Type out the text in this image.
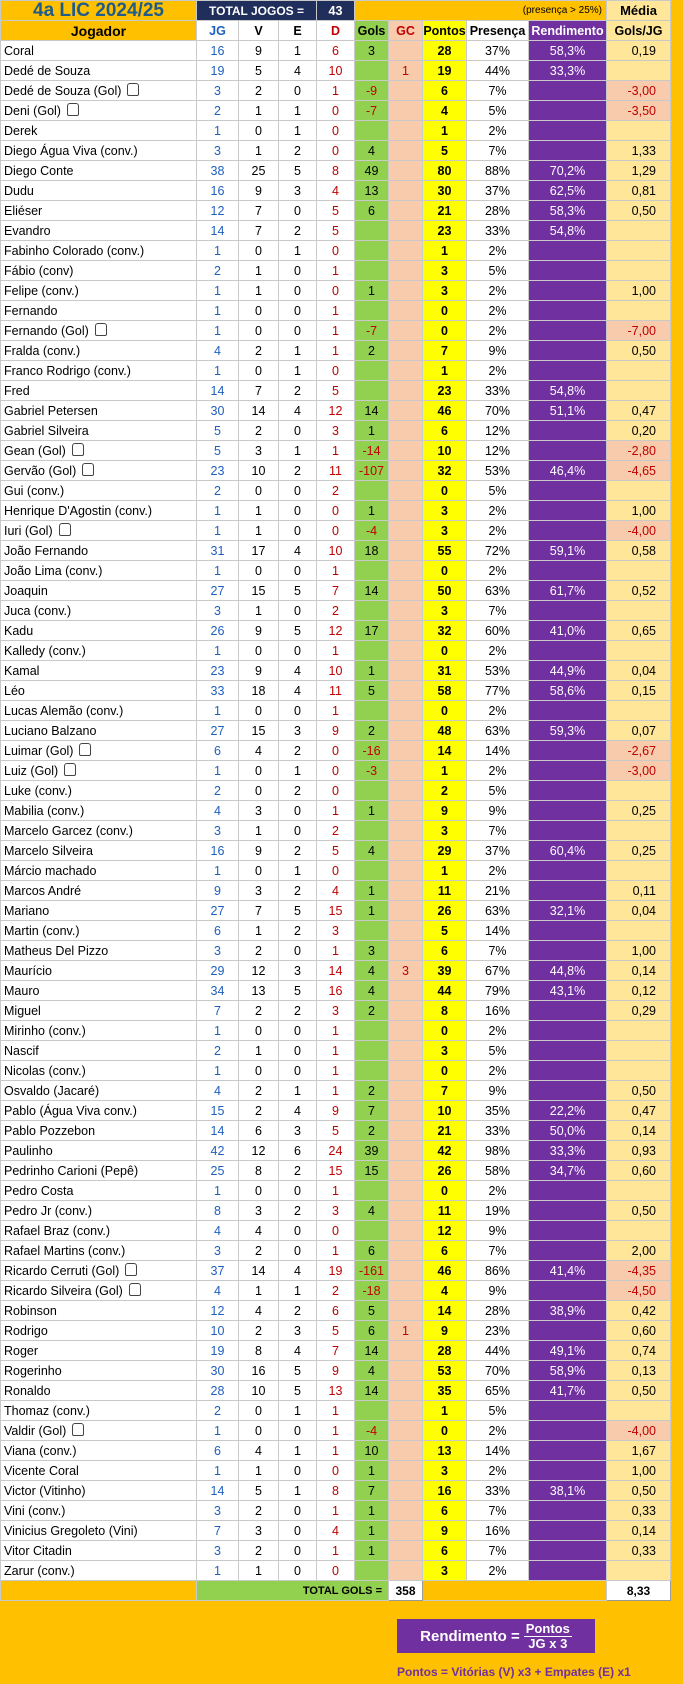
4a LIC 2024/25	TOTAL JOGOS =			43	(presença > 25%)					Média
Jogador	JG	V	E	D	Gols	GC	Pontos	Presença	Rendimento	Gols/JG
Coral	16	9	1	6	3		28	37%	58,3%	0,19
Dedé de Souza	19	5	4	10		1	19	44%	33,3%	
Dedé de Souza (Gol)	3	2	0	1	-9		6	7%		-3,00
Deni (Gol)	2	1	1	0	-7		4	5%		-3,50
Derek	1	0	1	0			1	2%		
Diego Água Viva (conv.)	3	1	2	0	4		5	7%		1,33
Diego Conte	38	25	5	8	49		80	88%	70,2%	1,29
Dudu	16	9	3	4	13		30	37%	62,5%	0,81
Eliéser	12	7	0	5	6		21	28%	58,3%	0,50
Evandro	14	7	2	5			23	33%	54,8%	
Fabinho Colorado (conv.)	1	0	1	0			1	2%		
Fábio (conv)	2	1	0	1			3	5%		
Felipe (conv.)	1	1	0	0	1		3	2%		1,00
Fernando	1	0	0	1			0	2%		
Fernando (Gol)	1	0	0	1	-7		0	2%		-7,00
Fralda (conv.)	4	2	1	1	2		7	9%		0,50
Franco Rodrigo (conv.)	1	0	1	0			1	2%		
Fred	14	7	2	5			23	33%	54,8%	
Gabriel Petersen	30	14	4	12	14		46	70%	51,1%	0,47
Gabriel Silveira	5	2	0	3	1		6	12%		0,20
Gean (Gol)	5	3	1	1	-14		10	12%		-2,80
Gervão (Gol)	23	10	2	11	-107		32	53%	46,4%	-4,65
Gui (conv.)	2	0	0	2			0	5%		
Henrique D'Agostin (conv.)	1	1	0	0	1		3	2%		1,00
Iuri (Gol)	1	1	0	0	-4		3	2%		-4,00
João Fernando	31	17	4	10	18		55	72%	59,1%	0,58
João Lima (conv.)	1	0	0	1			0	2%		
Joaquin	27	15	5	7	14		50	63%	61,7%	0,52
Juca (conv.)	3	1	0	2			3	7%		
Kadu	26	9	5	12	17		32	60%	41,0%	0,65
Kalledy (conv.)	1	0	0	1			0	2%		
Kamal	23	9	4	10	1		31	53%	44,9%	0,04
Léo	33	18	4	11	5		58	77%	58,6%	0,15
Lucas Alemão (conv.)	1	0	0	1			0	2%		
Luciano Balzano	27	15	3	9	2		48	63%	59,3%	0,07
Luimar (Gol)	6	4	2	0	-16		14	14%		-2,67
Luiz (Gol)	1	0	1	0	-3		1	2%		-3,00
Luke (conv.)	2	0	2	0			2	5%		
Mabilia (conv.)	4	3	0	1	1		9	9%		0,25
Marcelo Garcez (conv.)	3	1	0	2			3	7%		
Marcelo Silveira	16	9	2	5	4		29	37%	60,4%	0,25
Márcio machado	1	0	1	0			1	2%		
Marcos André	9	3	2	4	1		11	21%		0,11
Mariano	27	7	5	15	1		26	63%	32,1%	0,04
Martin (conv.)	6	1	2	3			5	14%		
Matheus Del Pizzo	3	2	0	1	3		6	7%		1,00
Maurício	29	12	3	14	4	3	39	67%	44,8%	0,14
Mauro	34	13	5	16	4		44	79%	43,1%	0,12
Miguel	7	2	2	3	2		8	16%		0,29
Mirinho (conv.)	1	0	0	1			0	2%		
Nascif	2	1	0	1			3	5%		
Nicolas (conv.)	1	0	0	1			0	2%		
Osvaldo (Jacaré)	4	2	1	1	2		7	9%		0,50
Pablo (Água Viva conv.)	15	2	4	9	7		10	35%	22,2%	0,47
Pablo Pozzebon	14	6	3	5	2		21	33%	50,0%	0,14
Paulinho	42	12	6	24	39		42	98%	33,3%	0,93
Pedrinho Carioni (Pepê)	25	8	2	15	15		26	58%	34,7%	0,60
Pedro Costa	1	0	0	1			0	2%		
Pedro Jr (conv.)	8	3	2	3	4		11	19%		0,50
Rafael Braz (conv.)	4	4	0	0			12	9%		
Rafael Martins (conv.)	3	2	0	1	6		6	7%		2,00
Ricardo Cerruti (Gol)	37	14	4	19	-161		46	86%	41,4%	-4,35
Ricardo Silveira (Gol)	4	1	1	2	-18		4	9%		-4,50
Robinson	12	4	2	6	5		14	28%	38,9%	0,42
Rodrigo	10	2	3	5	6	1	9	23%		0,60
Roger	19	8	4	7	14		28	44%	49,1%	0,74
Rogerinho	30	16	5	9	4		53	70%	58,9%	0,13
Ronaldo	28	10	5	13	14		35	65%	41,7%	0,50
Thomaz (conv.)	2	0	1	1			1	5%		
Valdir (Gol)	1	0	0	1	-4		0	2%		-4,00
Viana (conv.)	6	4	1	1	10		13	14%		1,67
Vicente Coral	1	1	0	0	1		3	2%		1,00
Victor (Vitinho)	14	5	1	8	7		16	33%	38,1%	0,50
Vini (conv.)	3	2	0	1	1		6	7%		0,33
Vinicius Gregoleto (Vini)	7	3	0	4	1		9	16%		0,14
Vitor Citadin	3	2	0	1	1		6	7%		0,33
Zarur (conv.)	1	1	0	0			3	2%		
	TOTAL GOLS =					358				8,33
Rendimento = $\frac{\text{Pontos}}{\text{JG x 3}}$
Pontos = Vitórias (V) x3 + Empates (E) x1
